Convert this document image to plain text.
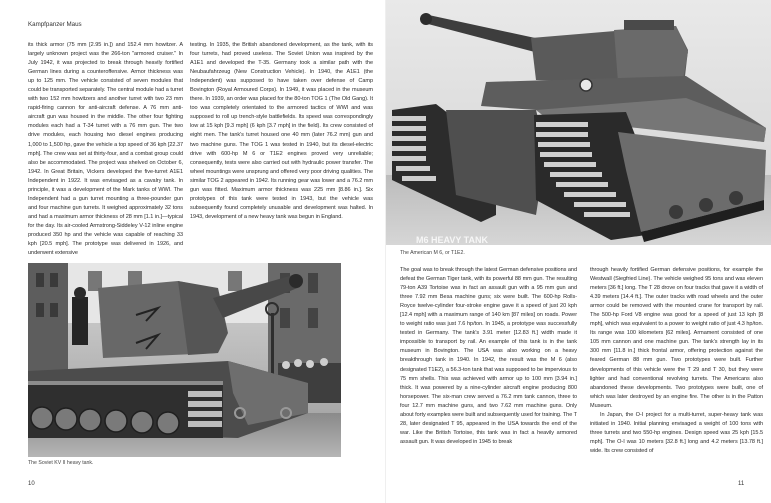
Kampfpanzer Maus

its thick armor (75 mm [2.95 in.]) and 152.4 mm howitzer. A largely unknown project was the 266-ton "armored cruiser." In July 1942, it was projected to break through heavily fortified German lines during a counteroffensive. Armor thickness was up to 125 mm. The vehicle consisted of seven modules that could be transported separately. The central module had a turret with two 152 mm howitzers and another turret with two 23 mm rapid-firing cannon for anti-aircraft defense. A 76 mm anti-aircraft gun was housed in the middle. The other four fighting modules each had a T-34 turret with a 76 mm gun. The two drive modules, each housing two diesel engines producing 1,000 to 1,500 hp, gave the vehicle a top speed of 36 kph [22.37 mph]. The crew was set at thirty-four, and a combat group could also be accommodated. The project was shelved on October 6, 1942. In Great Britain, Vickers developed the five-turret A1E1 Independent in 1922. It was envisaged as a cavalry tank. In principle, it was a development of the Mark tanks of WWI. The Independent had a gun turret mounting a three-pounder gun and four machine gun turrets. It weighed approximately 32 tons and had a maximum armor thickness of 28 mm [1.1 in.]—typical for the day. Its air-cooled Armstrong-Siddeley V-12 inline engine produced 350 hp and the vehicle was capable of reaching 33 kph [20.5 mph]. The prototype was delivered in 1926, and underwent extensive

testing. In 1935, the British abandoned development, as the tank, with its four turrets, had proved useless. The Soviet Union was inspired by the A1E1 and developed the T-35. Germany took a similar path with the Neubaufahrzeug (New Construction Vehicle). In 1940, the A1E1 (the Independent) was supposed to have taken over defense of Camp Bovington (Royal Armoured Corps). In 1949, it was placed in the museum there. In 1939, an order was placed for the 80-ton TOG 1 (The Old Gang). It too was completely orientated to the armored tactics of WWI and was supposed to roll up trench-style battlefields. Its speed was correspondingly low at 15 kph [9.3 mph] (6 kph [3.7 mph] in the field). Its crew consisted of eight men. The tank's turret housed one 40 mm (later 76.2 mm) gun and two machine guns. The TOG 1 was tested in 1940, but its diesel-electric drive with 600-hp M 6 or T1E2 engines proved very unreliable; consequently, tests were also carried out with hydraulic power transfer. The wheel mountings were unsprung and offered very poor driving qualities. The similar TOG 2 appeared in 1942. Its running gear was lower and a 76.2 mm gun was fitted. Maximum armor thickness was 225 mm [8.86 in.]. Six prototypes of this tank were tested in 1943, but the vehicle was subsequently found completely unusable and development was halted. In 1943, development of a new heavy tank was begun in England.

The Soviet KV II heavy tank.
10
M6 HEAVY TANK
The American M 6, or T1E2.

The goal was to break through the latest German defensive positions and defeat the German Tiger tank, with its powerful 88 mm gun. The resulting 79-ton A39 Tortoise was in fact an assault gun with a 95 mm gun and three 7.92 mm Besa machine guns; six were built. The 600-hp Rolls-Royce twelve-cylinder four-stroke engine gave it a speed of just 20 kph [12.4 mph] with a maximum range of 140 km [87 miles] on roads. Power to weight ratio was just 7.6 hp/ton. In 1945, a prototype was successfully tested in Germany. The tank's 3.91 meter [12.83 ft.] width made it impossible to transport by rail. An example of this tank is in the tank museum in Bovington. The USA was also working on a heavy breakthrough tank in 1940. In 1942, the result was the M 6 (also designated T1E2), a 56.3-ton tank that was supposed to be impervious to 75 mm shells. This was achieved with armor up to 100 mm [3.94 in.] thick. It was powered by a nine-cylinder aircraft engine producing 800 horsepower. The six-man crew served a 76.2 mm tank cannon, three to four 12.7 mm machine guns, and two 7.62 mm machine guns. Only about forty examples were built and subsequently used for training. The T 28, later designated T 95, appeared in the USA towards the end of the war. Like the British Tortoise, this tank was in fact a heavily armored assault gun. It was developed in 1945 to break

through heavily fortified German defensive positions, for example the Westwall (Siegfried Line). The vehicle weighed 95 tons and was eleven meters [36 ft.] long. The T 28 drove on four tracks that gave it a width of 4.39 meters [14.4 ft.]. The outer tracks with road wheels and the outer armor could be removed with the mounted crane for transport by rail. The 500-hp Ford V8 engine was good for a speed of just 13 kph [8 mph], which was equivalent to a power to weight ratio of just 4.3 hp/ton. Its range was 100 kilometers [62 miles]. Armament consisted of one 105 mm cannon and one machine gun. The tank's strength lay in its 300 mm [11.8 in.] thick frontal armor, offering protection against the feared German 88 mm gun. Two prototypes were built. Further developments of this vehicle were the T 29 and T 30, but they were lighter and had conventional revolving turrets. The Americans also abandoned these developments. Two prototypes were built, one of which was later destroyed by an engine fire. The other is in the Patton Museum.

In Japan, the O-I project for a multi-turret, super-heavy tank was initiated in 1940. Initial planning envisaged a weight of 100 tons with three turrets and two 550-hp engines. Design speed was 25 kph [15.5 mph]. The O-I was 10 meters [32.8 ft.] long and 4.2 meters [13.78 ft.] wide. Its crew consisted of

11
